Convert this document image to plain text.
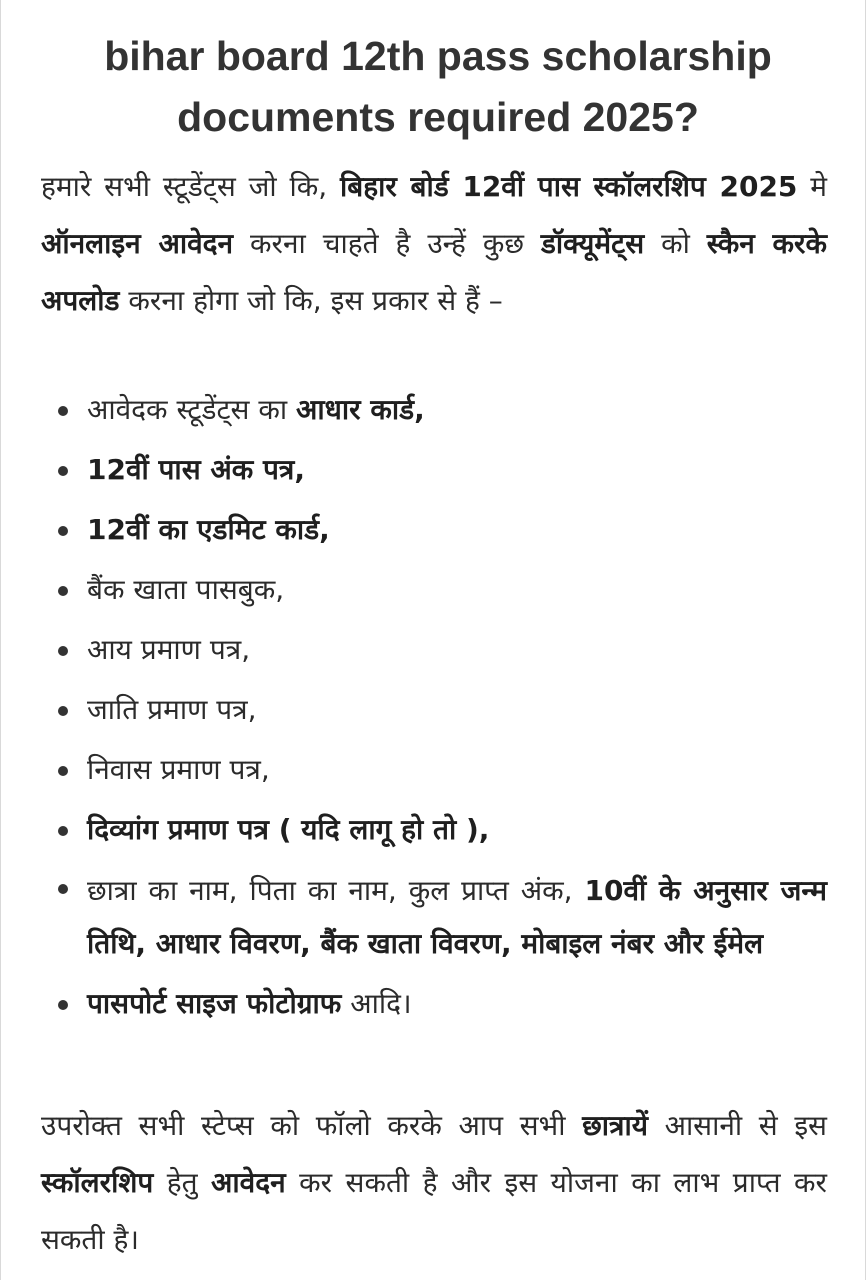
bihar board 12th pass scholarship documents required 2025?

हमारे सभी स्टूडेंट्स जो कि, बिहार बोर्ड 12वीं पास स्कॉलरशिप 2025 मे ऑनलाइन आवेदन करना चाहते है उन्हें कुछ डॉक्यूमेंट्स को स्कैन करके अपलोड करना होगा जो कि, इस प्रकार से हैं –

आवेदक स्टूडेंट्स का आधार कार्ड,
12वीं पास अंक पत्र,
12वीं का एडमिट कार्ड,
बैंक खाता पासबुक,
आय प्रमाण पत्र,
जाति प्रमाण पत्र,
निवास प्रमाण पत्र,
दिव्यांग प्रमाण पत्र ( यदि लागू हो तो ),
छात्रा का नाम, पिता का नाम, कुल प्राप्त अंक, 10वीं के अनुसार जन्म तिथि, आधार विवरण, बैंक खाता विवरण, मोबाइल नंबर और ईमेल
पासपोर्ट साइज फोटोग्राफ आदि।

उपरोक्त सभी स्टेप्स को फॉलो करके आप सभी छात्रायें आसानी से इस स्कॉलरशिप हेतु आवेदन कर सकती है और इस योजना का लाभ प्राप्त कर सकती है।
